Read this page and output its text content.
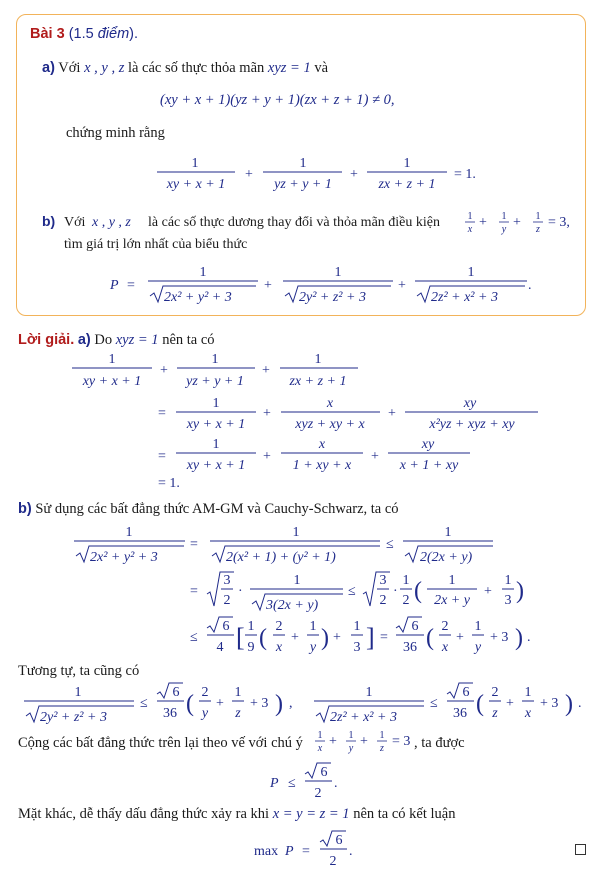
Bài 3 (1.5 điểm).
a) Với x , y , z là các số thực thỏa mãn xyz = 1 và
(xy + x + 1)(yz + y + 1)(zx + z + 1) ≠ 0,
chứng minh rằng
1
xy + x + 1
+
1
yz + y + 1
+
1
zx + z + 1
= 1.
b) Với x , y , z là các số thực dương thay đổi và thỏa mãn điều kiện	1
x + 1
y + 1
z = 3,
tìm giá trị lớn nhất của biểu thức
P =
1
2x² + y² + 3
+
1
2y² + z² + 3
+
1
2z² + x² + 3
.
1
xy + x + 1
+
1
yz + y + 1
+
1
zx + z + 1
=
1
xy + x + 1
+
x
xyz + xy + x
+
xy
x²yz + xyz + xy
=
1
xy + x + 1
+
x
1 + xy + x
+
xy
x + 1 + xy
= 1.
1
2x² + y² + 3
=
1
2(x² + 1) + (y² + 1)
≤
1
2(2x + y)
=
3
2
·
1
3(2x + y)
≤
3
2
·
1
2 ( 1
2x + y
+
1
3 )
≤
6
4 [ 1
9 ( 2
x
+
1
y ) +
1
3 ] =
6
36 ( 2
x
+
1
y
+ 3 ) .
1
2y² + z² + 3
≤
6
36 ( 2
y
+
1
z
+ 3 ) ,
1
2z² + x² + 3
≤
6
36 ( 2
z
+
1
x
+ 3 ) .
1
x + 1
y + 1
z = 3
P ≤
6
2
.
max P =
6
2
.
Lời giải. a) Do xyz = 1 nên ta có
b) Sử dụng các bất đẳng thức AM-GM và Cauchy-Schwarz, ta có
Tương tự, ta cũng có
Cộng các bất đẳng thức trên lại theo vế với chú ý	, ta được
Mặt khác, dễ thấy dấu đẳng thức xảy ra khi x = y = z = 1 nên ta có kết luận
